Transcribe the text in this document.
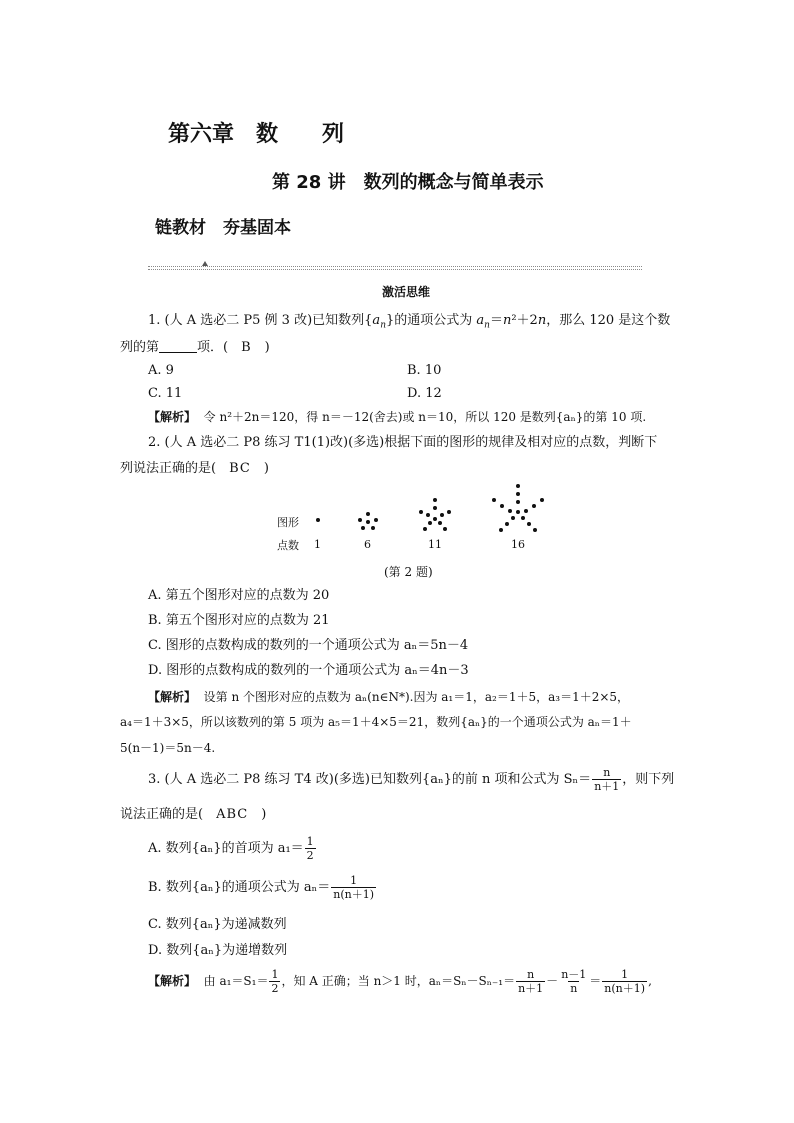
第六章　数　　列
第 28 讲　数列的概念与简单表示
链教材　夯基固本
激活思维
1. (人 A 选必二 P5 例 3 改)已知数列$\{a_n\}$的通项公式为 $a_n=n^2+2n$，那么 120 是这个数
列的第	项．(　B　)
A. 9	B. 10
C. 11	D. 12
【解析】 令 n²＋2n＝120，得 n＝－12(舍去)或 n＝10，所以 120 是数列{aₙ}的第 10 项.
2. (人 A 选必二 P8 练习 T1(1)改)(多选)根据下面的图形的规律及相对应的点数，判断下
列说法正确的是(　BC　)
图形
点数 1	6	11	16
(第 2 题)
A. 第五个图形对应的点数为 20
B. 第五个图形对应的点数为 21
C. 图形的点数构成的数列的一个通项公式为 aₙ＝5n－4
D. 图形的点数构成的数列的一个通项公式为 aₙ＝4n－3
【解析】 设第 n 个图形对应的点数为 aₙ(n∈N*).因为 a₁＝1，a₂＝1＋5，a₃＝1＋2×5，
a₄＝1＋3×5，所以该数列的第 5 项为 a₅＝1＋4×5＝21，数列{aₙ}的一个通项公式为 aₙ＝1＋
5(n－1)＝5n－4.
3. (人 A 选必二 P8 练习 T4 改)(多选)已知数列{aₙ}的前 n 项和公式为 $S_n= \frac{n}{n+1}$ ，则下列
说法正确的是(　ABC　)
A. 数列{aₙ}的首项为 $a_1= \frac{1}{2}$
B. 数列{aₙ}的通项公式为 $a_n= \frac{1}{n(n+1)}$
C. 数列{aₙ}为递减数列
D. 数列{aₙ}为递增数列
【解析】 由 $a_1=S_1= \frac{1}{2}$ ，知 A 正确；当 n＞1 时，$a_n=S_n-S_{n-1}= \frac{n}{n+1} - \frac{n-1}{n} = \frac{1}{n(n+1)}$ ,
